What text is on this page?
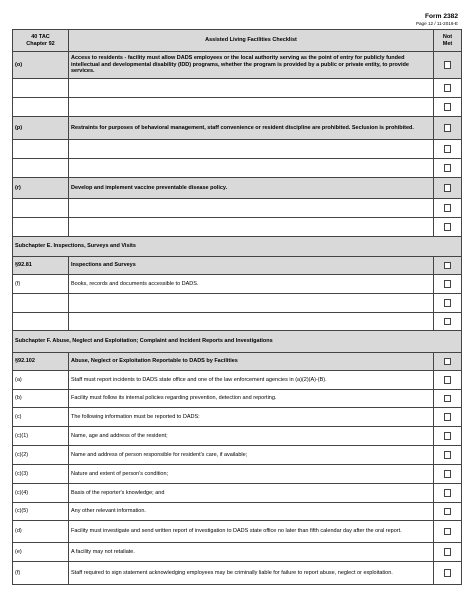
Form 2382
Page 12 / 11-2016-E
40 TAC
Chapter 92	Assisted Living Facilities Checklist	Not
Met
(o)	Access to residents - facility must allow DADS employees or the local authority serving as the point of entry for publicly funded intellectual and developmental disability (IDD) programs, whether the program is provided by a public or private entity, to provide services.	

(p)	Restraints for purposes of behavioral management, staff convenience or resident discipline are prohibited. Seclusion is prohibited.	

(r)	Develop and implement vaccine preventable disease policy.	

Subchapter E. Inspections, Surveys and Visits		
§92.81	Inspections and Surveys	
(f)	Books, records and documents accessible to DADS.	

Subchapter F. Abuse, Neglect and Exploitation; Complaint and Incident Reports and Investigations		
§92.102	Abuse, Neglect or Exploitation Reportable to DADS by Facilities	
(a)	Staff must report incidents to DADS state office and one of the law enforcement agencies in (a)(2)(A)-(B).	
(b)	Facility must follow its internal policies regarding prevention, detection and reporting.	
(c)	The following information must be reported to DADS:	
(c)(1)	Name, age and address of the resident;	
(c)(2)	Name and address of person responsible for resident's care, if available;	
(c)(3)	Nature and extent of person's condition;	
(c)(4)	Basis of the reporter's knowledge; and	
(c)(5)	Any other relevant information.	
(d)	Facility must investigate and send written report of investigation to DADS state office no later than fifth calendar day after the oral report.	
(e)	A facility may not retaliate.	
(f)	Staff required to sign statement acknowledging employees may be criminally liable for failure to report abuse, neglect or exploitation.	
